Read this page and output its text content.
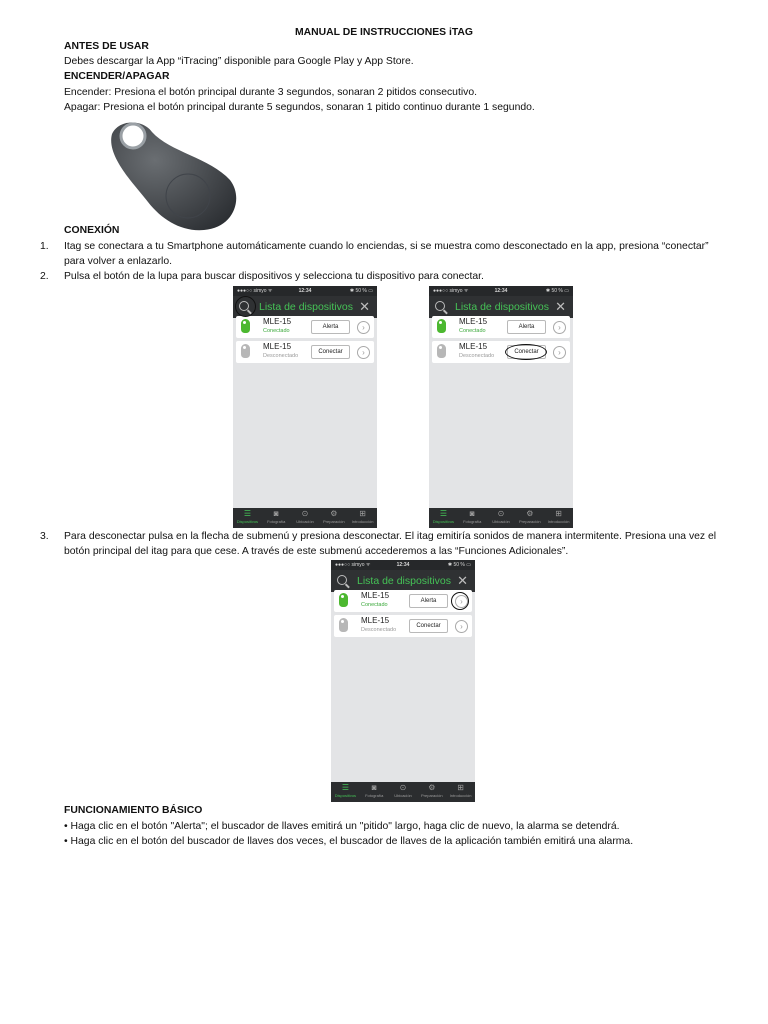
MANUAL DE INSTRUCCIONES iTAG
ANTES DE USAR
Debes descargar la App “iTracing” disponible para Google Play y App Store.
ENCENDER/APAGAR
Encender: Presiona el botón principal durante 3 segundos, sonaran 2 pitidos consecutivo.
Apagar: Presiona el botón principal durante 5 segundos, sonaran 1 pitido continuo durante 1 segundo.
CONEXIÓN
1. Itag se conectara a tu Smartphone automáticamente cuando lo enciendas, si se muestra como desconectado en la app, presiona “conectar”
para volver a enlazarlo.
2. Pulsa el botón de la lupa para buscar dispositivos y selecciona tu dispositivo para conectar.
●●●○○ simyo ᯤ	12:34	✱ 50 % ▭
Lista de dispositivos ✕
MLE-15
Conectado
Alerta	›
MLE-15
Desconectado
Conectar	›
☰
Dispositivos
◙
Fotografía
⊙
Ubicación
⚙
Preparación
⊞
Introducción
●●●○○ simyo ᯤ	12:34	✱ 50 % ▭
Lista de dispositivos ✕
MLE-15
Conectado
Alerta	›
MLE-15
Desconectado
Conectar	›
☰
Dispositivos
◙
Fotografía
⊙
Ubicación
⚙
Preparación
⊞
Introducción
3. Para desconectar pulsa en la flecha de submenú y presiona desconectar. El itag emitiría sonidos de manera intermitente. Presiona una vez el
botón principal del itag para que cese. A través de este submenú accederemos a las “Funciones Adicionales”.
●●●○○ simyo ᯤ	12:34	✱ 50 % ▭
Lista de dispositivos ✕
MLE-15
Conectado
Alerta	›
MLE-15
Desconectado
Conectar	›
☰
Dispositivos
◙
Fotografía
⊙
Ubicación
⚙
Preparación
⊞
Introducción
FUNCIONAMIENTO BÁSICO
• Haga clic en el botón "Alerta"; el buscador de llaves emitirá un "pitido" largo, haga clic de nuevo, la alarma se detendrá.
• Haga clic en el botón del buscador de llaves dos veces, el buscador de llaves de la aplicación también emitirá una alarma.
